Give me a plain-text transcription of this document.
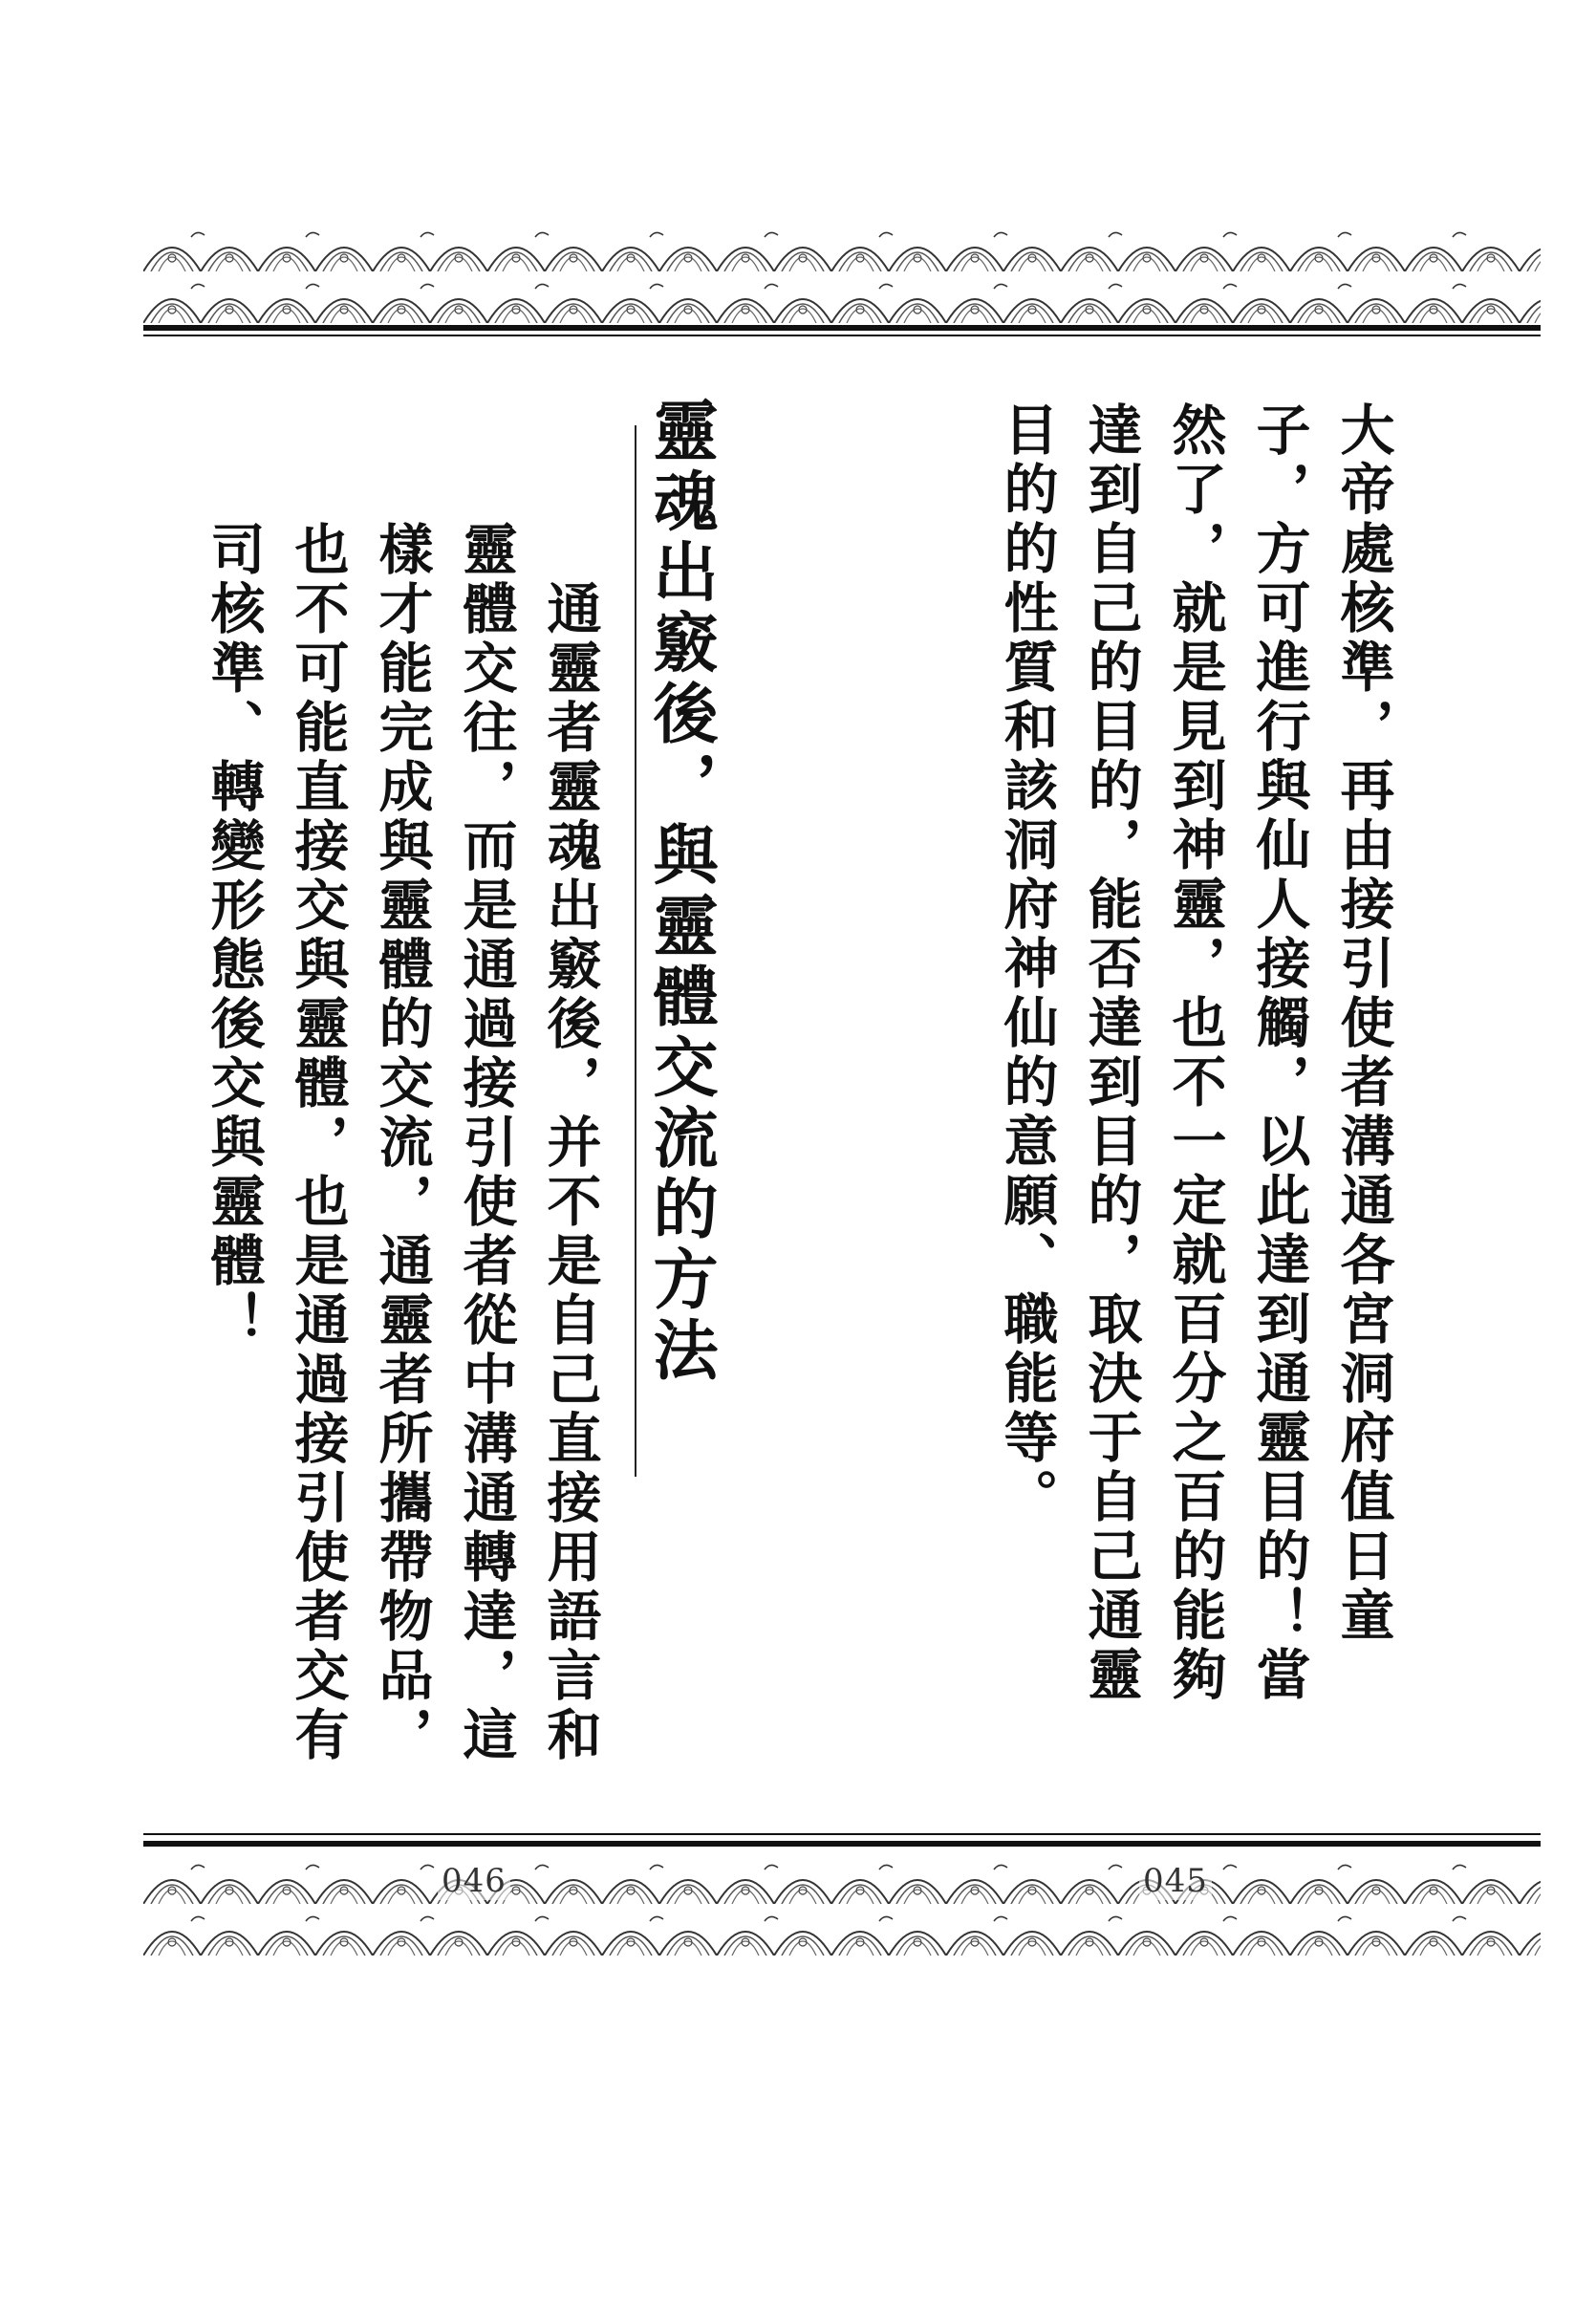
大帝處核準，再由接引使者溝通各宮洞府值日童子，方可進行與仙人接觸，以此達到通靈目的！當然了，就是見到神靈，也不一定就百分之百的能夠達到自己的目的，能否達到目的，取決于自己通靈目的的性質和該洞府神仙的意願、職能等。
靈魂出竅後，與靈體交流的方法
　通靈者靈魂出竅後，并不是自己直接用語言和靈體交往，而是通過接引使者從中溝通轉達，這樣才能完成與靈體的交流，通靈者所攜帶物品，也不可能直接交與靈體，也是通過接引使者交有司核準、轉變形態後交與靈體！
046	045
